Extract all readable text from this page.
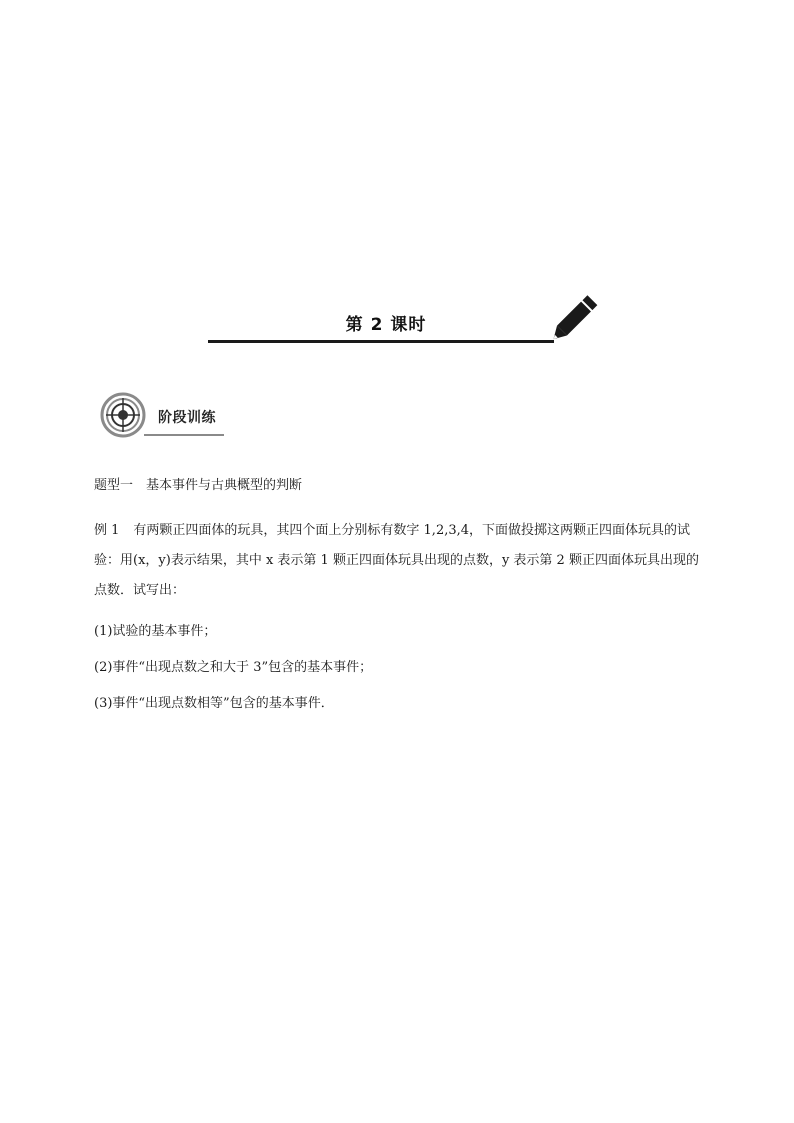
第 2 课时
阶段训练

题型一　基本事件与古典概型的判断

例 1 有两颗正四面体的玩具，其四个面上分别标有数字 1,2,3,4，下面做投掷这两颗正四面体玩具的试验：用(x，y)表示结果，其中 x 表示第 1 颗正四面体玩具出现的点数，y 表示第 2 颗正四面体玩具出现的点数．试写出：

(1)试验的基本事件；

(2)事件“出现点数之和大于 3”包含的基本事件；

(3)事件“出现点数相等”包含的基本事件．
